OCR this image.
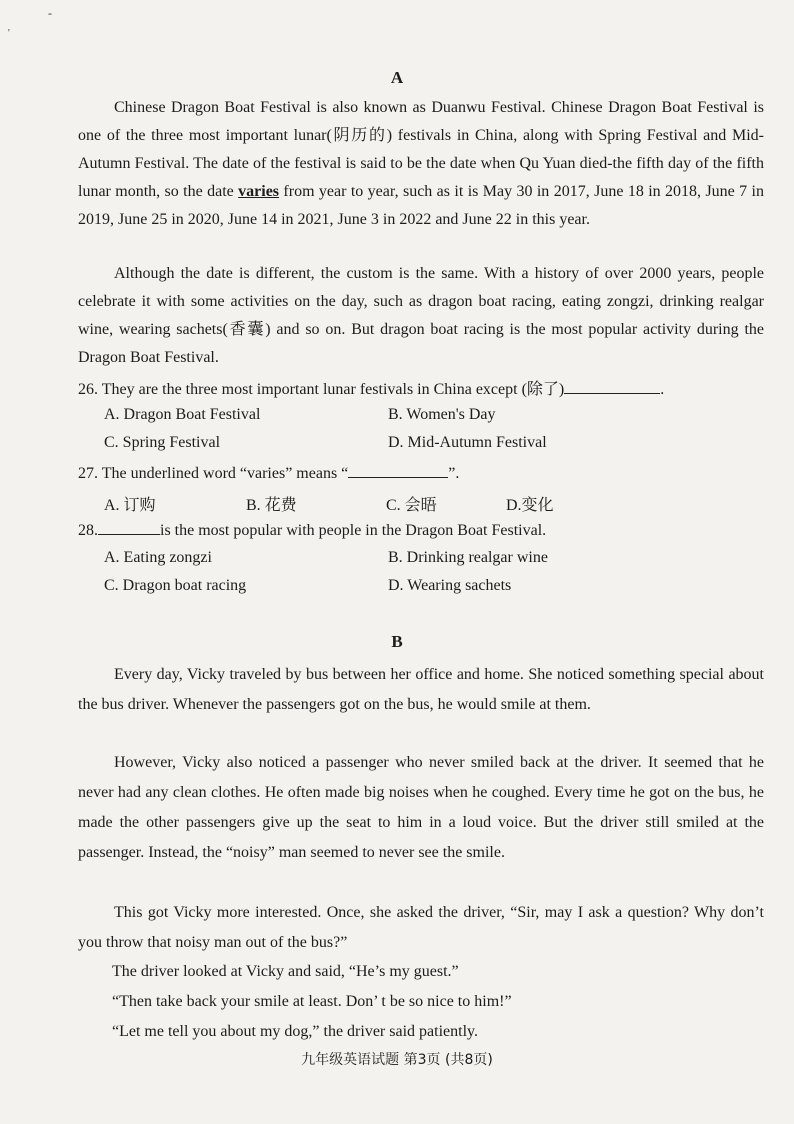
-
'
A
Chinese Dragon Boat Festival is also known as Duanwu Festival. Chinese Dragon Boat Festival is one of the three most important lunar(阴历的) festivals in China, along with Spring Festival and Mid-Autumn Festival. The date of the festival is said to be the date when Qu Yuan died-the fifth day of the fifth lunar month, so the date varies from year to year, such as it is May 30 in 2017, June 18 in 2018, June 7 in 2019, June 25 in 2020, June 14 in 2021, June 3 in 2022 and June 22 in this year.
Although the date is different, the custom is the same. With a history of over 2000 years, people celebrate it with some activities on the day, such as dragon boat racing, eating zongzi, drinking realgar wine, wearing sachets(香囊) and so on. But dragon boat racing is the most popular activity during the Dragon Boat Festival.
26. They are the three most important lunar festivals in China except (除了)	.
A. Dragon Boat Festival	B. Women's Day
C. Spring Festival	D. Mid-Autumn Festival
27. The underlined word “varies” means “	”.
A. 订购	B. 花费	C. 会晤	D.变化
28.	is the most popular with people in the Dragon Boat Festival.
A. Eating zongzi	B. Drinking realgar wine
C. Dragon boat racing	D. Wearing sachets
B
Every day, Vicky traveled by bus between her office and home. She noticed something special about the bus driver. Whenever the passengers got on the bus, he would smile at them.
However, Vicky also noticed a passenger who never smiled back at the driver. It seemed that he never had any clean clothes. He often made big noises when he coughed. Every time he got on the bus, he made the other passengers give up the seat to him in a loud voice. But the driver still smiled at the passenger. Instead, the “noisy” man seemed to never see the smile.
This got Vicky more interested. Once, she asked the driver, “Sir, may I ask a question? Why don’t you throw that noisy man out of the bus?”
The driver looked at Vicky and said, “He’s my guest.”
“Then take back your smile at least. Don’ t be so nice to him!”
“Let me tell you about my dog,” the driver said patiently.
九年级英语试题 第3页 (共8页)
